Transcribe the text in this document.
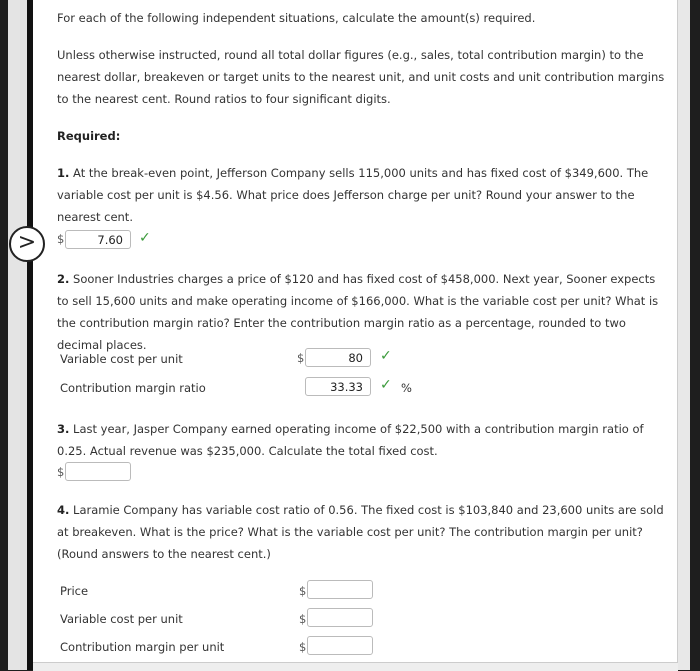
For each of the following independent situations, calculate the amount(s) required.

Unless otherwise instructed, round all total dollar figures (e.g., sales, total contribution margin) to the nearest dollar, breakeven or target units to the nearest unit, and unit costs and unit contribution margins to the nearest cent. Round ratios to four significant digits.

Required:

1. At the break-even point, Jefferson Company sells 115,000 units and has fixed cost of $349,600. The variable cost per unit is $4.56. What price does Jefferson charge per unit? Round your answer to the nearest cent.

$	7.60	✓

2. Sooner Industries charges a price of $120 and has fixed cost of $458,000. Next year, Sooner expects to sell 15,600 units and make operating income of $166,000. What is the variable cost per unit? What is the contribution margin ratio? Enter the contribution margin ratio as a percentage, rounded to two decimal places.

Variable cost per unit	$	80	✓
Contribution margin ratio	33.33	✓ %

3. Last year, Jasper Company earned operating income of $22,500 with a contribution margin ratio of 0.25. Actual revenue was $235,000. Calculate the total fixed cost.

$

4. Laramie Company has variable cost ratio of 0.56. The fixed cost is $103,840 and 23,600 units are sold at breakeven. What is the price? What is the variable cost per unit? The contribution margin per unit? (Round answers to the nearest cent.)

Price	$
Variable cost per unit	$
Contribution margin per unit	$
>
